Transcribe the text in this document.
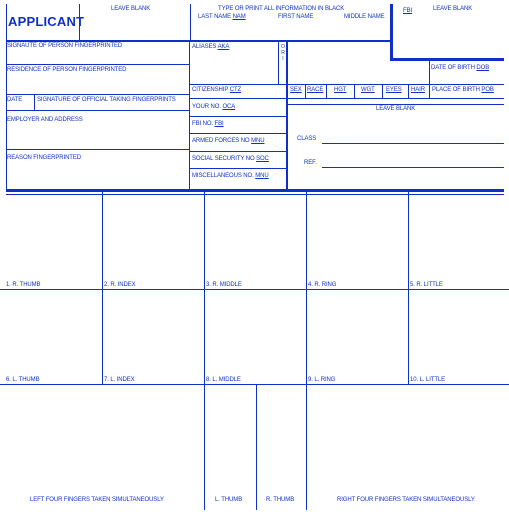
APPLICANT
LEAVE BLANK	TYPE OR PRINT ALL INFORMATION IN BLACK
LAST NAME NAM	FIRST NAME	MIDDLE NAME
FBI	LEAVE BLANK
SIGNAUTE OF PERSON FINGERPRINTED
RESIDENCE OF PERSON FINGERPRINTED
DATE SIGNATURE OF OFFICIAL TAKING FINGERPRINTS
EMPLOYER AND ADDRESS
REASON FINGERPRINTED
ALIASES AKA	O R I
CITIZENSHIP CTZ
YOUR NO. OCA
FBI NO. FBI
ARMED FORCES NO MNU
SOCIAL SECURITY NO SOC
MISCELLANEOUS NO. MNU
DATE OF BIRTH DOB
SEX RACE HGT WGT EYES HAIR PLACE OF BIRTH POB
LEAVE BLANK
CLASS
REF.
1. R. THUMB	2. R. INDEX	3. R. MIDDLE	4. R. RING	5. R. LITTLE
6. L. THUMB	7. L. INDEX	8. L. MIDDLE	9. L. RING	10. L. LITTLE
LEFT FOUR FINGERS TAKEN SIMULTANEOUSLY	L. THUMB	R. THUMB	RIGHT FOUR FINGERS TAKEN SIMULTANEOUSLY
